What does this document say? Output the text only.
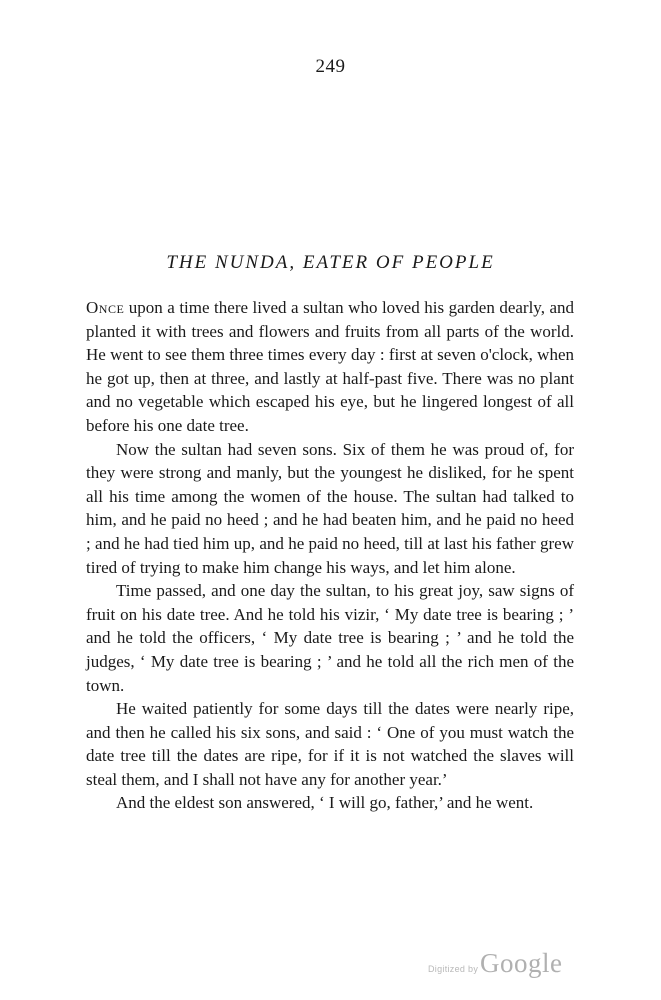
249
THE NUNDA, EATER OF PEOPLE

Once upon a time there lived a sultan who loved his garden dearly, and planted it with trees and flowers and fruits from all parts of the world. He went to see them three times every day : first at seven o'clock, when he got up, then at three, and lastly at half-past five. There was no plant and no vegetable which escaped his eye, but he lingered longest of all before his one date tree.

Now the sultan had seven sons. Six of them he was proud of, for they were strong and manly, but the youngest he disliked, for he spent all his time among the women of the house. The sultan had talked to him, and he paid no heed ; and he had beaten him, and he paid no heed ; and he had tied him up, and he paid no heed, till at last his father grew tired of trying to make him change his ways, and let him alone.

Time passed, and one day the sultan, to his great joy, saw signs of fruit on his date tree. And he told his vizir, ‘ My date tree is bearing ; ’ and he told the officers, ‘ My date tree is bearing ; ’ and he told the judges, ‘ My date tree is bearing ; ’ and he told all the rich men of the town.

He waited patiently for some days till the dates were nearly ripe, and then he called his six sons, and said : ‘ One of you must watch the date tree till the dates are ripe, for if it is not watched the slaves will steal them, and I shall not have any for another year.’

And the eldest son answered, ‘ I will go, father,’ and he went.

Digitized by Google
